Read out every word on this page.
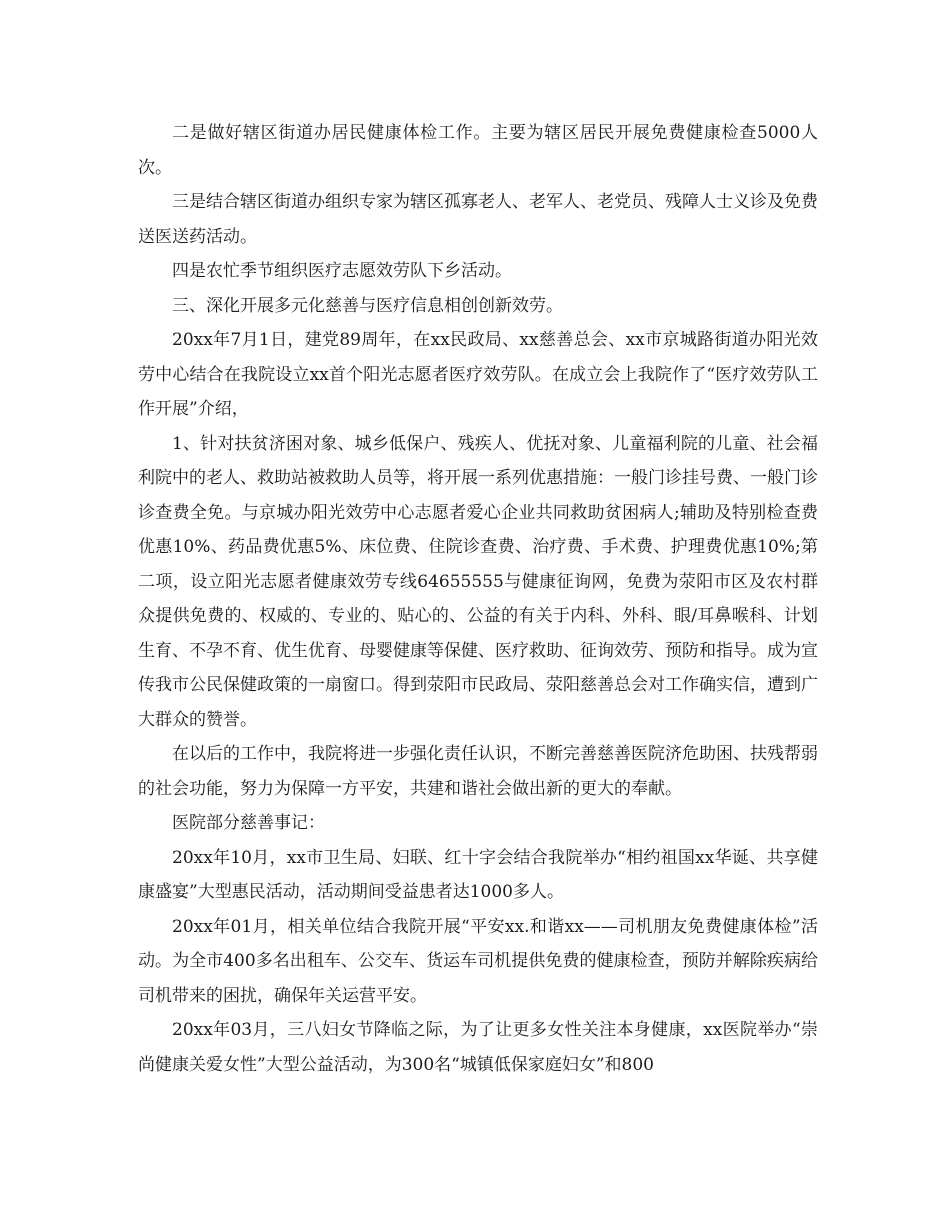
二是做好辖区街道办居民健康体检工作。主要为辖区居民开展免费健康检查5000人次。

三是结合辖区街道办组织专家为辖区孤寡老人、老军人、老党员、残障人士义诊及免费送医送药活动。

四是农忙季节组织医疗志愿效劳队下乡活动。

三、深化开展多元化慈善与医疗信息相创创新效劳。

20xx年7月1日，建党89周年，在xx民政局、xx慈善总会、xx市京城路街道办阳光效劳中心结合在我院设立xx首个阳光志愿者医疗效劳队。在成立会上我院作了“医疗效劳队工作开展”介绍，

1、针对扶贫济困对象、城乡低保户、残疾人、优抚对象、儿童福利院的儿童、社会福利院中的老人、救助站被救助人员等，将开展一系列优惠措施：一般门诊挂号费、一般门诊诊查费全免。与京城办阳光效劳中心志愿者爱心企业共同救助贫困病人;辅助及特别检查费优惠10%、药品费优惠5%、床位费、住院诊查费、治疗费、手术费、护理费优惠10%;第二项，设立阳光志愿者健康效劳专线64655555与健康征询网，免费为荥阳市区及农村群众提供免费的、权威的、专业的、贴心的、公益的有关于内科、外科、眼/耳鼻喉科、计划生育、不孕不育、优生优育、母婴健康等保健、医疗救助、征询效劳、预防和指导。成为宣传我市公民保健政策的一扇窗口。得到荥阳市民政局、荥阳慈善总会对工作确实信，遭到广大群众的赞誉。

在以后的工作中，我院将进一步强化责任认识，不断完善慈善医院济危助困、扶残帮弱的社会功能，努力为保障一方平安，共建和谐社会做出新的更大的奉献。

医院部分慈善事记：

20xx年10月，xx市卫生局、妇联、红十字会结合我院举办“相约祖国xx华诞、共享健康盛宴”大型惠民活动，活动期间受益患者达1000多人。

20xx年01月，相关单位结合我院开展“平安xx.和谐xx——司机朋友免费健康体检”活动。为全市400多名出租车、公交车、货运车司机提供免费的健康检查，预防并解除疾病给司机带来的困扰，确保年关运营平安。

20xx年03月，三八妇女节降临之际，为了让更多女性关注本身健康，xx医院举办“崇尚健康关爱女性”大型公益活动，为300名“城镇低保家庭妇女”和800
